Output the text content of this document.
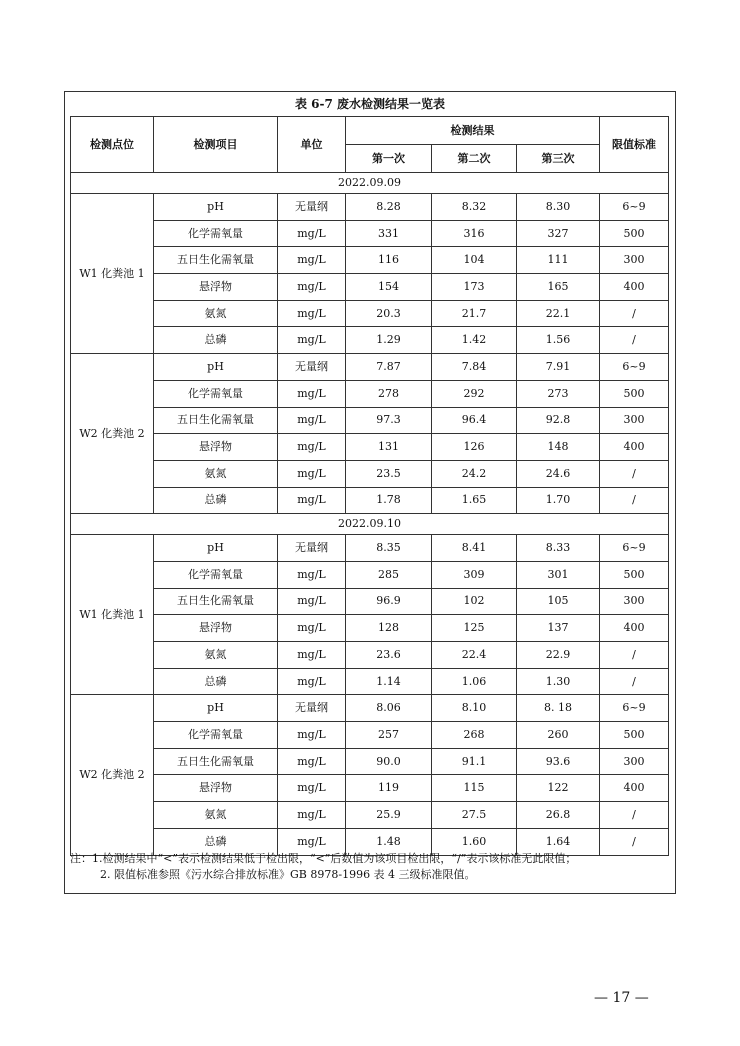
表 6-7 废水检测结果一览表
检测点位	检测项目	单位	检测结果			限值标准
			第一次	第二次	第三次	
2022.09.09						
W1 化粪池 1	pH	无量纲	8.28	8.32	8.30	6~9
	化学需氧量	mg/L	331	316	327	500
	五日生化需氧量	mg/L	116	104	111	300
	悬浮物	mg/L	154	173	165	400
	氨氮	mg/L	20.3	21.7	22.1	/
	总磷	mg/L	1.29	1.42	1.56	/
W2 化粪池 2	pH	无量纲	7.87	7.84	7.91	6~9
	化学需氧量	mg/L	278	292	273	500
	五日生化需氧量	mg/L	97.3	96.4	92.8	300
	悬浮物	mg/L	131	126	148	400
	氨氮	mg/L	23.5	24.2	24.6	/
	总磷	mg/L	1.78	1.65	1.70	/
2022.09.10						
W1 化粪池 1	pH	无量纲	8.35	8.41	8.33	6~9
	化学需氧量	mg/L	285	309	301	500
	五日生化需氧量	mg/L	96.9	102	105	300
	悬浮物	mg/L	128	125	137	400
	氨氮	mg/L	23.6	22.4	22.9	/
	总磷	mg/L	1.14	1.06	1.30	/
W2 化粪池 2	pH	无量纲	8.06	8.10	8. 18	6~9
	化学需氧量	mg/L	257	268	260	500
	五日生化需氧量	mg/L	90.0	91.1	93.6	300
	悬浮物	mg/L	119	115	122	400
	氨氮	mg/L	25.9	27.5	26.8	/
	总磷	mg/L	1.48	1.60	1.64	/

注：1.检测结果中“<”表示检测结果低于检出限，“<”后数值为该项目检出限，“/”表示该标准无此限值；

2. 限值标准参照《污水综合排放标准》GB 8978-1996 表 4 三级标准限值。

— 17 —
